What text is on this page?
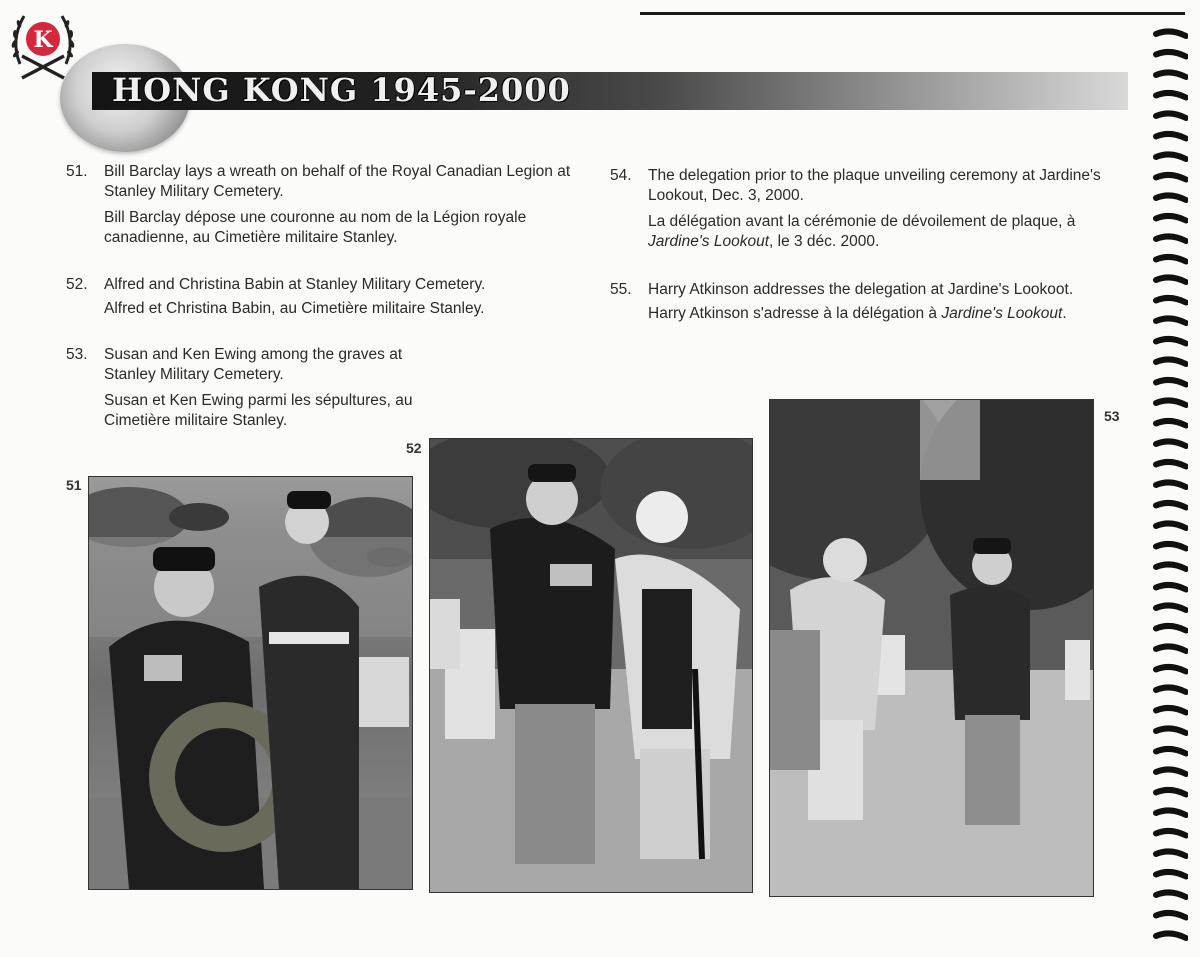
K
HONG KONG 1945-2000
51. Bill Barclay lays a wreath on behalf of the Royal Canadian Legion at Stanley Military Cemetery.
Bill Barclay dépose une couronne au nom de la Légion royale canadienne, au Cimetière militaire Stanley.
52. Alfred and Christina Babin at Stanley Military Cemetery.
Alfred et Christina Babin, au Cimetière militaire Stanley.
53. Susan and Ken Ewing among the graves at Stanley Military Cemetery.
Susan et Ken Ewing parmi les sépultures, au Cimetière militaire Stanley.
54. The delegation prior to the plaque unveiling ceremony at Jardine's Lookout, Dec. 3, 2000.
La délégation avant la cérémonie de dévoilement de plaque, à Jardine's Lookout, le 3 déc. 2000.
55. Harry Atkinson addresses the delegation at Jardine's Lookoot.
Harry Atkinson s'adresse à la délégation à Jardine's Lookout.
51
52
53
